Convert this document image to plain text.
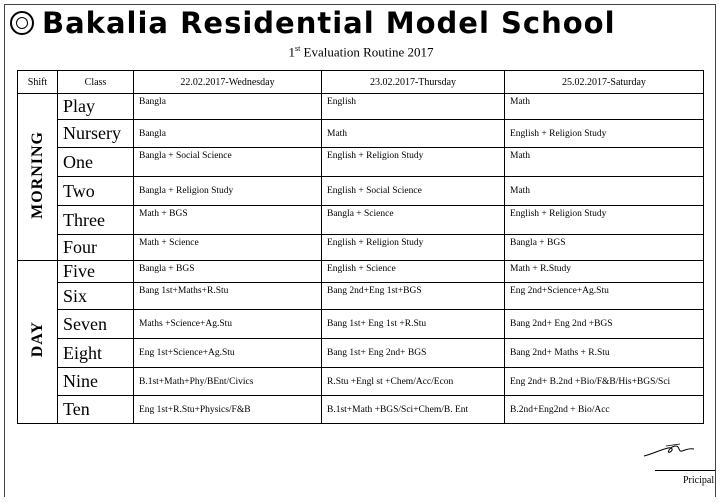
Bakalia Residential Model School
1st Evaluation Routine 2017
Shift	Class	22.02.2017-Wednesday	23.02.2017-Thursday	25.02.2017-Saturday
MORNING	Play	Bangla	English	Math
	Nursery	Bangla	Math	English + Religion Study
	One	Bangla + Social Science	English + Religion Study	Math
	Two	Bangla + Religion Study	English + Social Science	Math
	Three	Math + BGS	Bangla + Science	English + Religion Study
	Four	Math + Science	English + Religion Study	Bangla + BGS
DAY	Five	Bangla + BGS	English + Science	Math + R.Study
	Six	Bang 1st+Maths+R.Stu	Bang 2nd+Eng 1st+BGS	Eng 2nd+Science+Ag.Stu
	Seven	Maths +Science+Ag.Stu	Bang 1st+ Eng 1st +R.Stu	Bang 2nd+ Eng 2nd +BGS
	Eight	Eng 1st+Science+Ag.Stu	Bang 1st+ Eng 2nd+ BGS	Bang 2nd+ Maths + R.Stu
	Nine	B.1st+Math+Phy/BEnt/Civics	R.Stu +Engl st +Chem/Acc/Econ	Eng 2nd+ B.2nd +Bio/F&B/His+BGS/Sci
	Ten	Eng 1st+R.Stu+Physics/F&B	B.1st+Math +BGS/Sci+Chem/B. Ent	B.2nd+Eng2nd + Bio/Acc
Pricipal
